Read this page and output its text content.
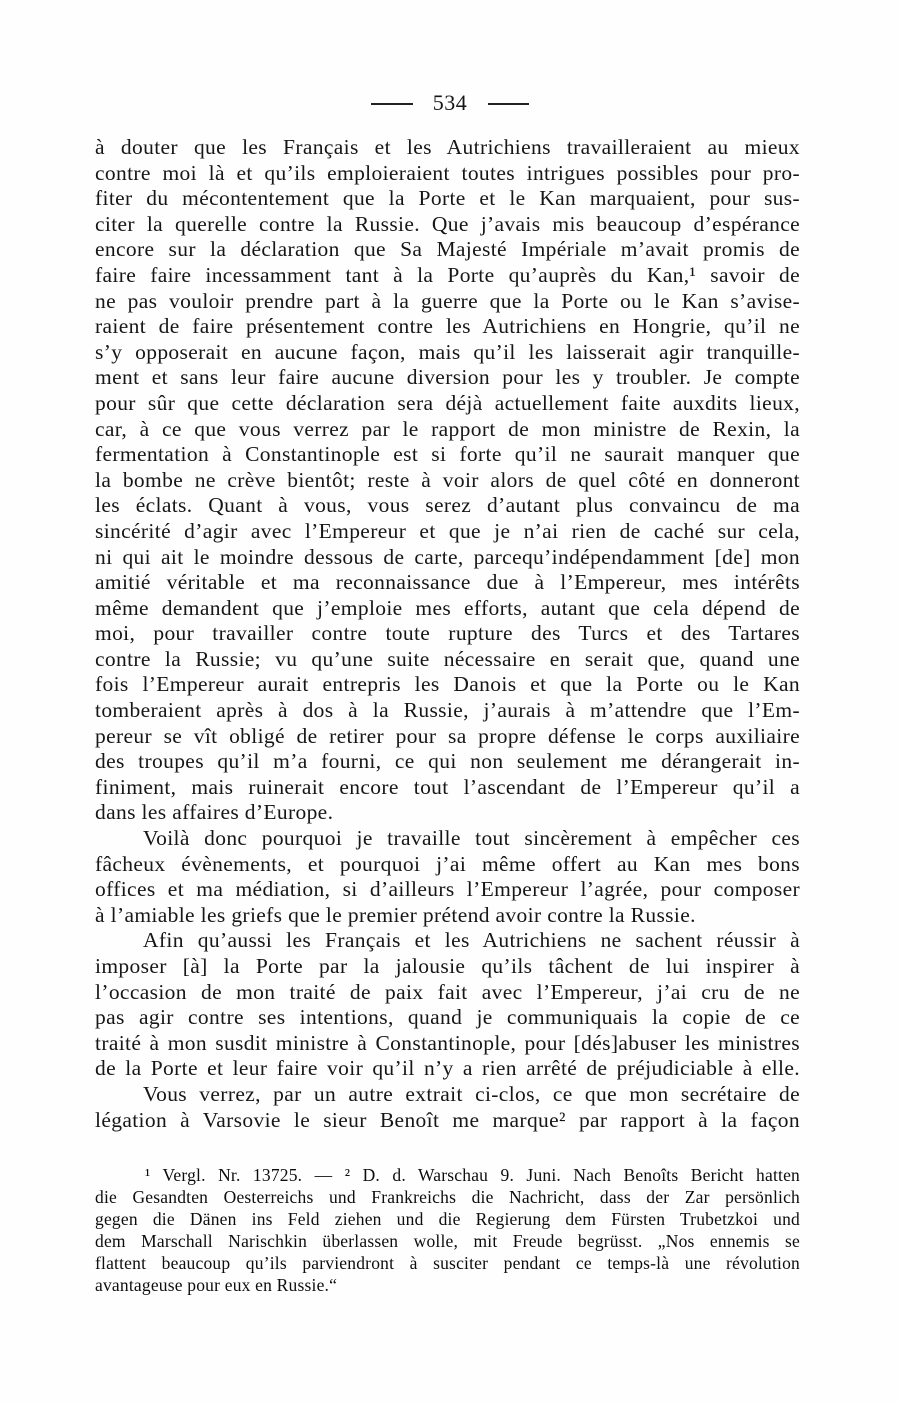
534
à douter que les Français et les Autrichiens travailleraient au mieux
contre moi là et qu’ils emploieraient toutes intrigues possibles pour pro-
fiter du mécontentement que la Porte et le Kan marquaient, pour sus-
citer la querelle contre la Russie. Que j’avais mis beaucoup d’espérance
encore sur la déclaration que Sa Majesté Impériale m’avait promis de
faire faire incessamment tant à la Porte qu’auprès du Kan,¹ savoir de
ne pas vouloir prendre part à la guerre que la Porte ou le Kan s’avise-
raient de faire présentement contre les Autrichiens en Hongrie, qu’il ne
s’y opposerait en aucune façon, mais qu’il les laisserait agir tranquille-
ment et sans leur faire aucune diversion pour les y troubler. Je compte
pour sûr que cette déclaration sera déjà actuellement faite auxdits lieux,
car, à ce que vous verrez par le rapport de mon ministre de Rexin, la
fermentation à Constantinople est si forte qu’il ne saurait manquer que
la bombe ne crève bientôt; reste à voir alors de quel côté en donneront
les éclats. Quant à vous, vous serez d’autant plus convaincu de ma
sincérité d’agir avec l’Empereur et que je n’ai rien de caché sur cela,
ni qui ait le moindre dessous de carte, parcequ’indépendamment [de] mon
amitié véritable et ma reconnaissance due à l’Empereur, mes intérêts
même demandent que j’emploie mes efforts, autant que cela dépend de
moi, pour travailler contre toute rupture des Turcs et des Tartares
contre la Russie; vu qu’une suite nécessaire en serait que, quand une
fois l’Empereur aurait entrepris les Danois et que la Porte ou le Kan
tomberaient après à dos à la Russie, j’aurais à m’attendre que l’Em-
pereur se vît obligé de retirer pour sa propre défense le corps auxiliaire
des troupes qu’il m’a fourni, ce qui non seulement me dérangerait in-
finiment, mais ruinerait encore tout l’ascendant de l’Empereur qu’il a
dans les affaires d’Europe.
Voilà donc pourquoi je travaille tout sincèrement à empêcher ces
fâcheux évènements, et pourquoi j’ai même offert au Kan mes bons
offices et ma médiation, si d’ailleurs l’Empereur l’agrée, pour composer
à l’amiable les griefs que le premier prétend avoir contre la Russie.
Afin qu’aussi les Français et les Autrichiens ne sachent réussir à
imposer [à] la Porte par la jalousie qu’ils tâchent de lui inspirer à
l’occasion de mon traité de paix fait avec l’Empereur, j’ai cru de ne
pas agir contre ses intentions, quand je communiquais la copie de ce
traité à mon susdit ministre à Constantinople, pour [dés]abuser les ministres
de la Porte et leur faire voir qu’il n’y a rien arrêté de préjudiciable à elle.
Vous verrez, par un autre extrait ci-clos, ce que mon secrétaire de
légation à Varsovie le sieur Benoît me marque² par rapport à la façon
¹ Vergl. Nr. 13725. — ² D. d. Warschau 9. Juni. Nach Benoîts Bericht hatten
die Gesandten Oesterreichs und Frankreichs die Nachricht, dass der Zar persönlich
gegen die Dänen ins Feld ziehen und die Regierung dem Fürsten Trubetzkoi und
dem Marschall Narischkin überlassen wolle, mit Freude begrüsst. „Nos ennemis se
flattent beaucoup qu’ils parviendront à susciter pendant ce temps-là une révolution
avantageuse pour eux en Russie.“
